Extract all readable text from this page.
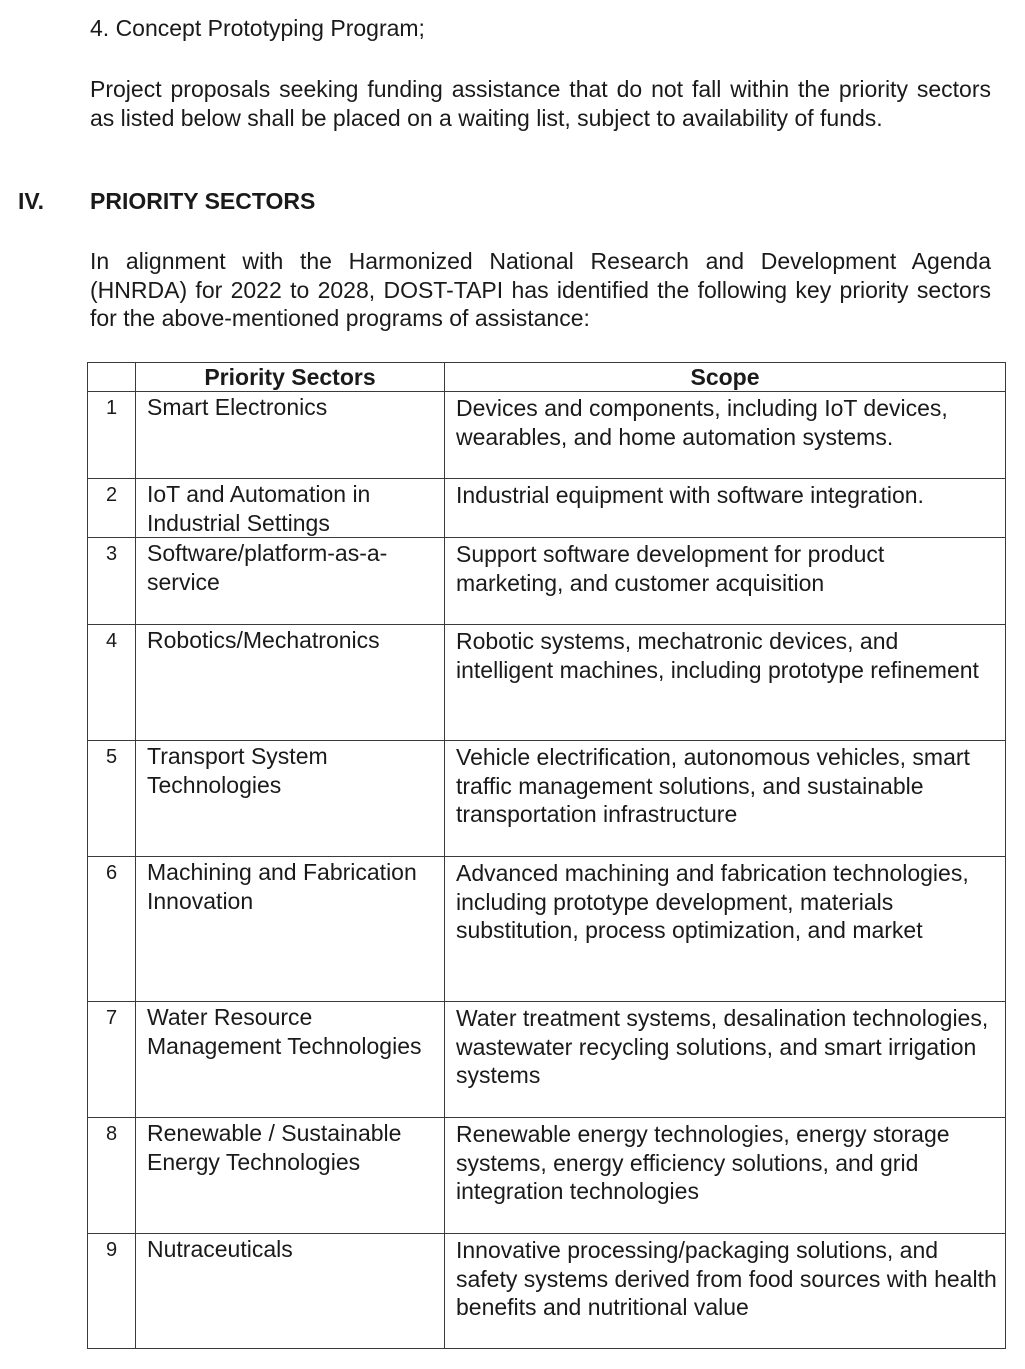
4. Concept Prototyping Program;

Project proposals seeking funding assistance that do not fall within the priority sectors as listed below shall be placed on a waiting list, subject to availability of funds.

IV. PRIORITY SECTORS

In alignment with the Harmonized National Research and Development Agenda (HNRDA) for 2022 to 2028, DOST-TAPI has identified the following key priority sectors for the above-mentioned programs of assistance:

	Priority Sectors	Scope
1	Smart Electronics	Devices and components, including IoT devices, wearables, and home automation systems.
2	IoT and Automation in Industrial Settings	Industrial equipment with software integration.
3	Software/platform-as-a-service	Support software development for product marketing, and customer acquisition
4	Robotics/Mechatronics	Robotic systems, mechatronic devices, and intelligent machines, including prototype refinement
5	Transport System Technologies	Vehicle electrification, autonomous vehicles, smart traffic management solutions, and sustainable transportation infrastructure
6	Machining and Fabrication Innovation	Advanced machining and fabrication technologies, including prototype development, materials substitution, process optimization, and market
7	Water Resource Management Technologies	Water treatment systems, desalination technologies, wastewater recycling solutions, and smart irrigation systems
8	Renewable / Sustainable Energy Technologies	Renewable energy technologies, energy storage systems, energy efficiency solutions, and grid integration technologies
9	Nutraceuticals	Innovative processing/packaging solutions, and safety systems derived from food sources with health benefits and nutritional value
